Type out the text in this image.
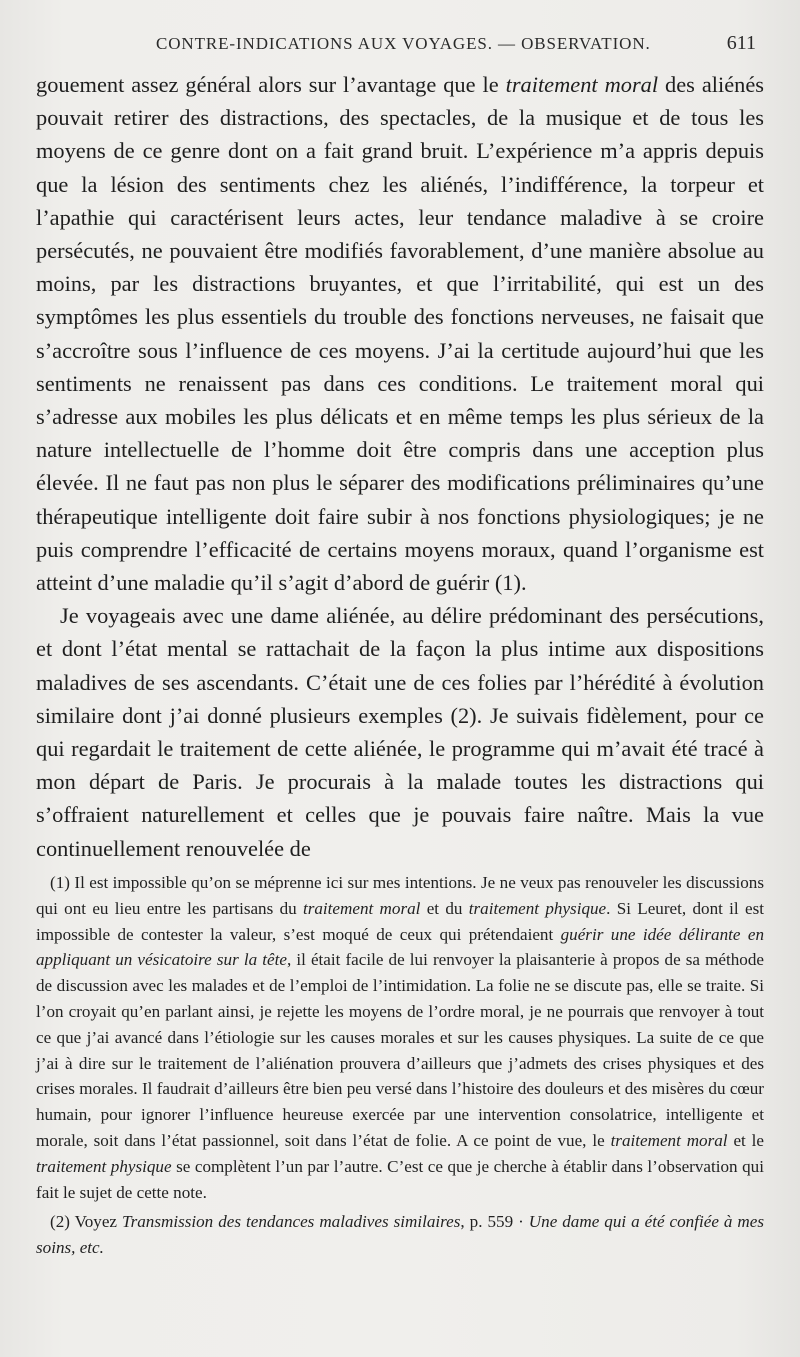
CONTRE-INDICATIONS AUX VOYAGES. — OBSERVATION.	611

gouement assez général alors sur l’avantage que le traitement moral des aliénés pouvait retirer des distractions, des spectacles, de la musique et de tous les moyens de ce genre dont on a fait grand bruit. L’expérience m’a appris depuis que la lésion des sentiments chez les aliénés, l’indifférence, la torpeur et l’apathie qui caractérisent leurs actes, leur tendance maladive à se croire persécutés, ne pouvaient être modifiés favorablement, d’une manière absolue au moins, par les distractions bruyantes, et que l’irritabilité, qui est un des symptômes les plus essentiels du trouble des fonctions nerveuses, ne faisait que s’accroître sous l’influence de ces moyens. J’ai la certitude aujourd’hui que les sentiments ne renaissent pas dans ces conditions. Le traitement moral qui s’adresse aux mobiles les plus délicats et en même temps les plus sérieux de la nature intellectuelle de l’homme doit être compris dans une acception plus élevée. Il ne faut pas non plus le séparer des modifications préliminaires qu’une thérapeutique intelligente doit faire subir à nos fonctions physiologiques; je ne puis comprendre l’efficacité de certains moyens moraux, quand l’organisme est atteint d’une maladie qu’il s’agit d’abord de guérir (1).

Je voyageais avec une dame aliénée, au délire prédominant des persécutions, et dont l’état mental se rattachait de la façon la plus intime aux dispositions maladives de ses ascendants. C’était une de ces folies par l’hérédité à évolution similaire dont j’ai donné plusieurs exemples (2). Je suivais fidèlement, pour ce qui regardait le traitement de cette aliénée, le programme qui m’avait été tracé à mon départ de Paris. Je procurais à la malade toutes les distractions qui s’offraient naturellement et celles que je pouvais faire naître. Mais la vue continuellement renouvelée de

(1) Il est impossible qu’on se méprenne ici sur mes intentions. Je ne veux pas renouveler les discussions qui ont eu lieu entre les partisans du traitement moral et du traitement physique. Si Leuret, dont il est impossible de contester la valeur, s’est moqué de ceux qui prétendaient guérir une idée délirante en appliquant un vésicatoire sur la tête, il était facile de lui renvoyer la plaisanterie à propos de sa méthode de discussion avec les malades et de l’emploi de l’intimidation. La folie ne se discute pas, elle se traite. Si l’on croyait qu’en parlant ainsi, je rejette les moyens de l’ordre moral, je ne pourrais que renvoyer à tout ce que j’ai avancé dans l’étiologie sur les causes morales et sur les causes physiques. La suite de ce que j’ai à dire sur le traitement de l’aliénation prouvera d’ailleurs que j’admets des crises physiques et des crises morales. Il faudrait d’ailleurs être bien peu versé dans l’histoire des douleurs et des misères du cœur humain, pour ignorer l’influence heureuse exercée par une intervention consolatrice, intelligente et morale, soit dans l’état passionnel, soit dans l’état de folie. A ce point de vue, le traitement moral et le traitement physique se complètent l’un par l’autre. C’est ce que je cherche à établir dans l’observation qui fait le sujet de cette note.

(2) Voyez Transmission des tendances maladives similaires, p. 559 · Une dame qui a été confiée à mes soins, etc.
